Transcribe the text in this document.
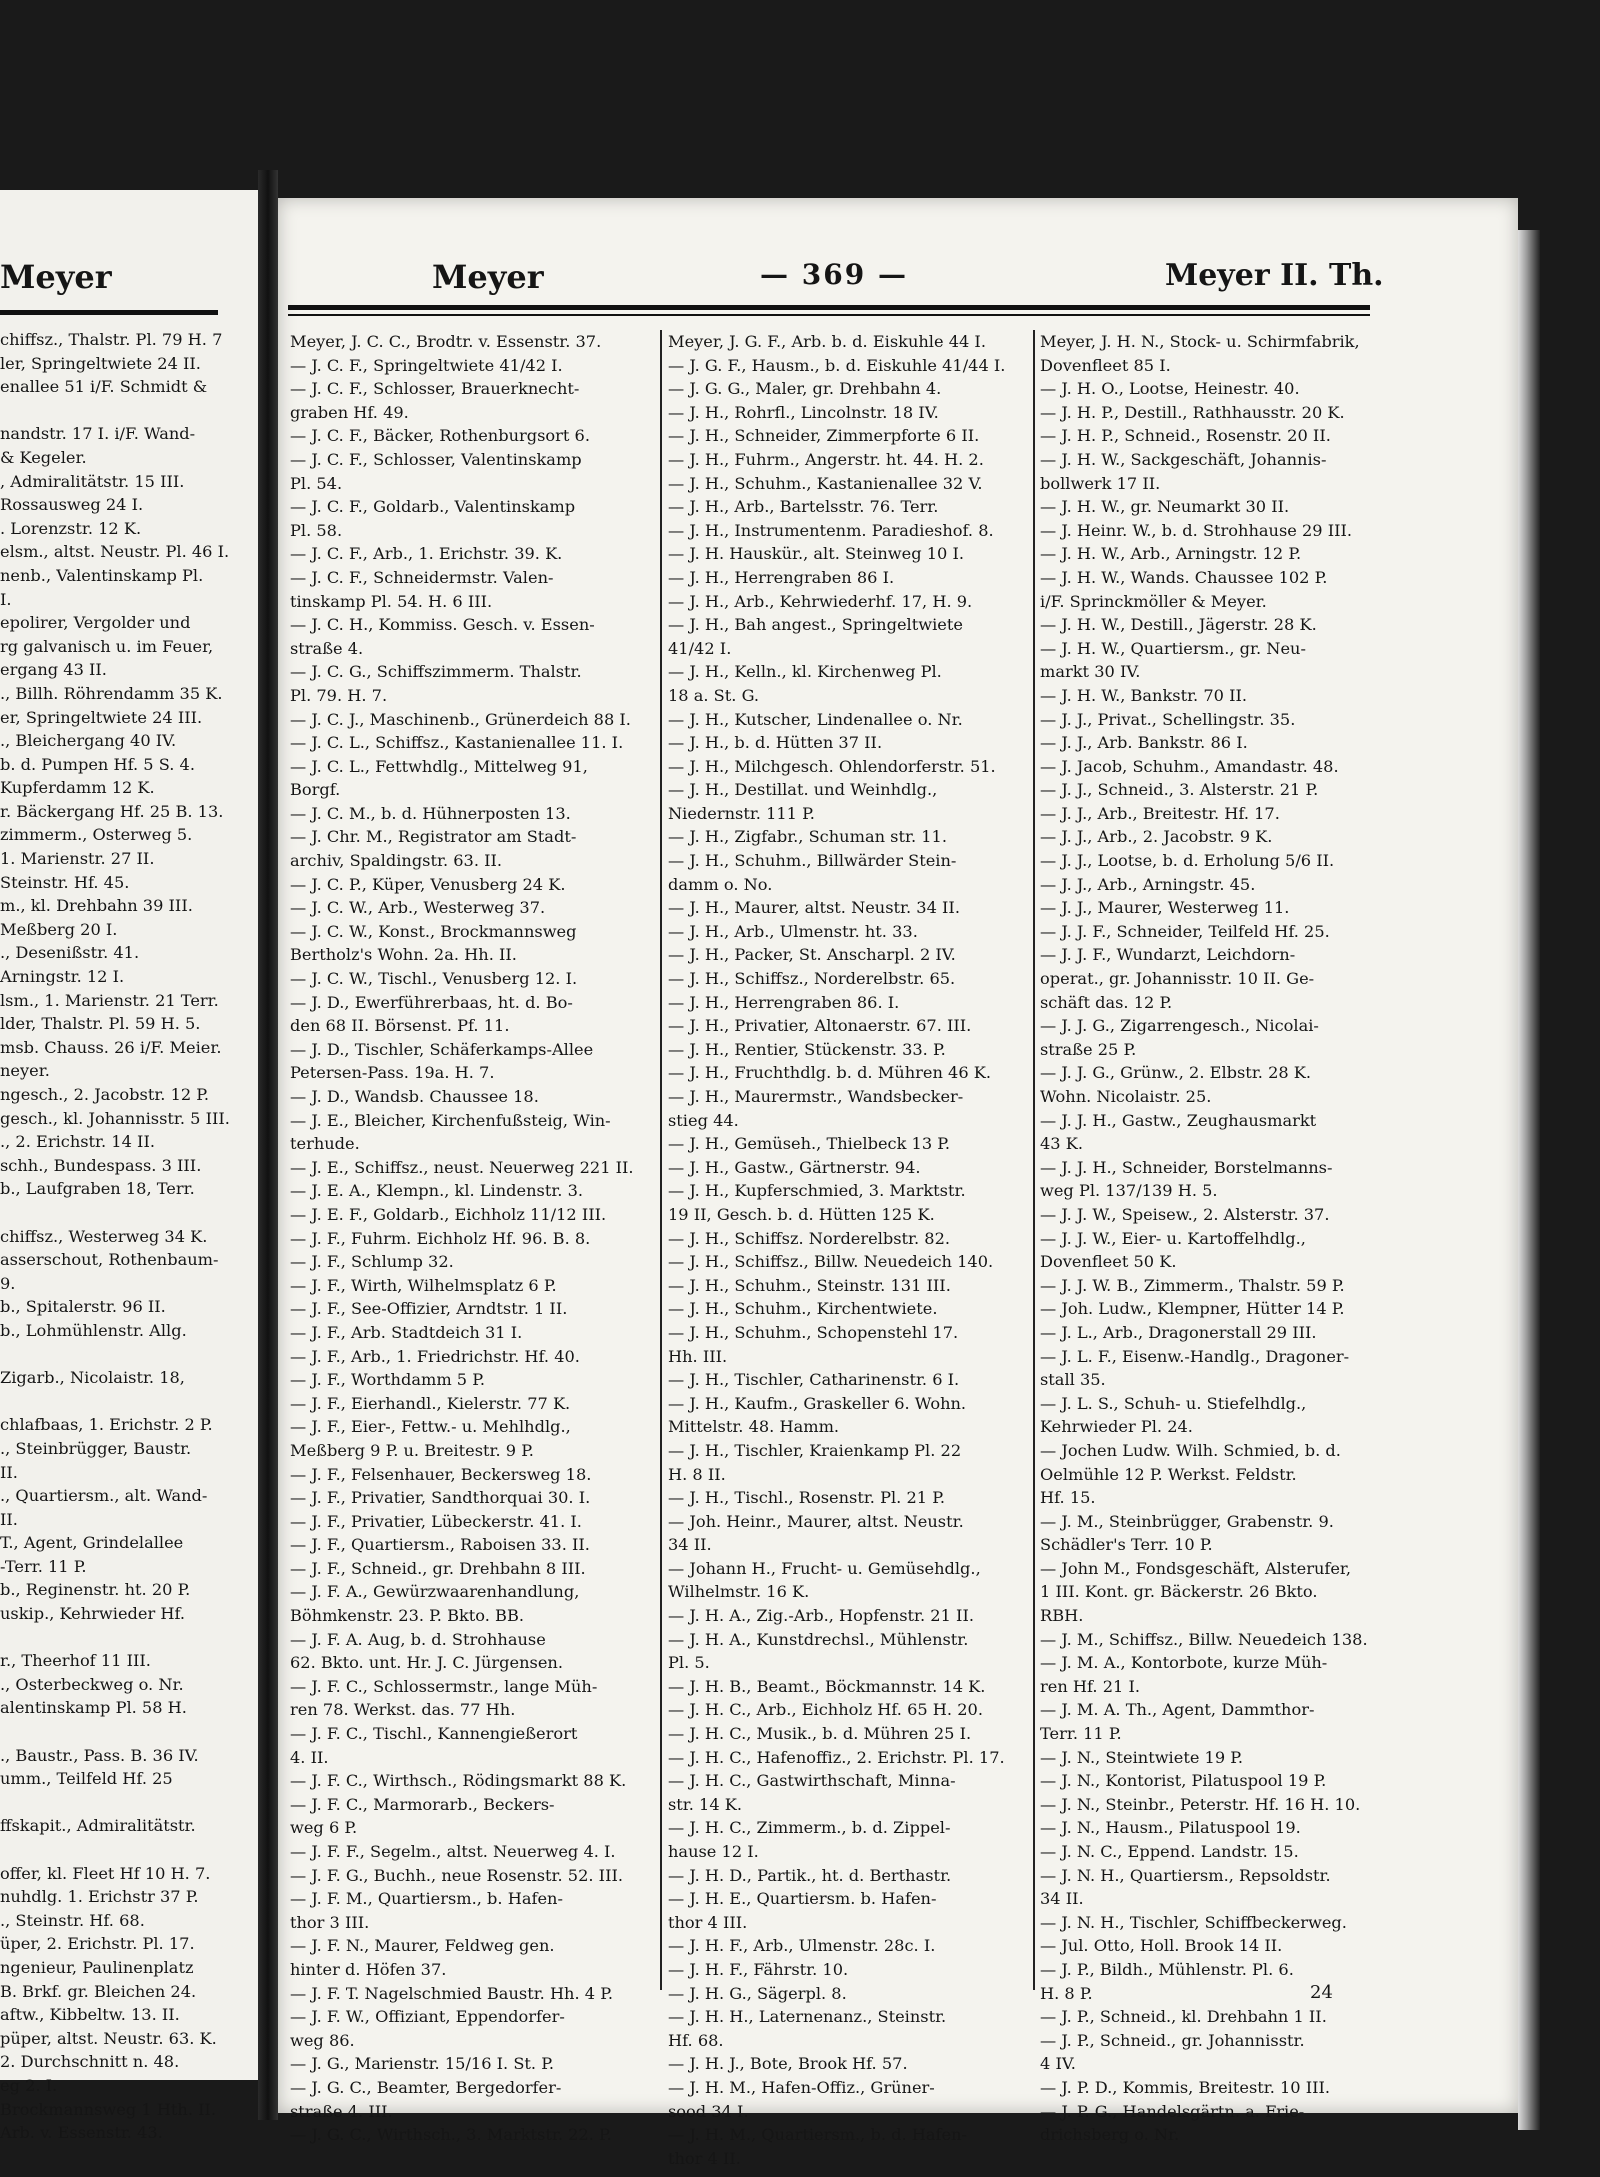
Meyer
chiffsz., Thalstr. Pl. 79 H. 7
ler, Springeltwiete 24 II.
enallee 51 i/F. Schmidt &

nandstr. 17 I. i/F. Wand-
& Kegeler.
, Admiralitätstr. 15 III.
Rossausweg 24 I.
. Lorenzstr. 12 K.
elsm., altst. Neustr. Pl. 46 I.
nenb., Valentinskamp Pl.
I.
epolirer, Vergolder und
rg galvanisch u. im Feuer,
ergang 43 II.
., Billh. Röhrendamm 35 K.
er, Springeltwiete 24 III.
., Bleichergang 40 IV.
b. d. Pumpen Hf. 5 S. 4.
Kupferdamm 12 K.
r. Bäckergang Hf. 25 B. 13.
zimmerm., Osterweg 5.
1. Marienstr. 27 II.
Steinstr. Hf. 45.
m., kl. Drehbahn 39 III.
Meßberg 20 I.
., Desenißstr. 41.
Arningstr. 12 I.
lsm., 1. Marienstr. 21 Terr.
lder, Thalstr. Pl. 59 H. 5.
msb. Chauss. 26 i/F. Meier.
neyer.
ngesch., 2. Jacobstr. 12 P.
gesch., kl. Johannisstr. 5 III.
., 2. Erichstr. 14 II.
schh., Bundespass. 3 III.
b., Laufgraben 18, Terr.

chiffsz., Westerweg 34 K.
asserschout, Rothenbaum-
9.
b., Spitalerstr. 96 II.
b., Lohmühlenstr. Allg.

Zigarb., Nicolaistr. 18,

chlafbaas, 1. Erichstr. 2 P.
., Steinbrügger, Baustr.
II.
., Quartiersm., alt. Wand-
II.
T., Agent, Grindelallee
-Terr. 11 P.
b., Reginenstr. ht. 20 P.
uskip., Kehrwieder Hf.

r., Theerhof 11 III.
., Osterbeckweg o. Nr.
alentinskamp Pl. 58 H.

., Baustr., Pass. B. 36 IV.
umm., Teilfeld Hf. 25

ffskapit., Admiralitätstr.

offer, kl. Fleet Hf 10 H. 7.
nuhdlg. 1. Erichstr 37 P.
., Steinstr. Hf. 68.
üper, 2. Erichstr. Pl. 17.
ngenieur, Paulinenplatz
B. Brkf. gr. Bleichen 24.
aftw., Kibbeltw. 13. II.
püper, altst. Neustr. 63. K.
2. Durchschnitt n. 48.
eg 2. I.
Brockmannsweg 1 Hth. II.
Arb. v. Essenstr. 43.
Meyer	— 369 —	Meyer II. Th.
Meyer, J. C. C., Brodtr. v. Essenstr. 37.
— J. C. F., Springeltwiete 41/42 I.
— J. C. F., Schlosser, Brauerknecht-
graben Hf. 49.
— J. C. F., Bäcker, Rothenburgsort 6.
— J. C. F., Schlosser, Valentinskamp
Pl. 54.
— J. C. F., Goldarb., Valentinskamp
Pl. 58.
— J. C. F., Arb., 1. Erichstr. 39. K.
— J. C. F., Schneidermstr. Valen-
tinskamp Pl. 54. H. 6 III.
— J. C. H., Kommiss. Gesch. v. Essen-
straße 4.
— J. C. G., Schiffszimmerm. Thalstr.
Pl. 79. H. 7.
— J. C. J., Maschinenb., Grünerdeich 88 I.
— J. C. L., Schiffsz., Kastanienallee 11. I.
— J. C. L., Fettwhdlg., Mittelweg 91,
Borgf.
— J. C. M., b. d. Hühnerposten 13.
— J. Chr. M., Registrator am Stadt-
archiv, Spaldingstr. 63. II.
— J. C. P., Küper, Venusberg 24 K.
— J. C. W., Arb., Westerweg 37.
— J. C. W., Konst., Brockmannsweg
Bertholz's Wohn. 2a. Hh. II.
— J. C. W., Tischl., Venusberg 12. I.
— J. D., Ewerführerbaas, ht. d. Bo-
den 68 II. Börsenst. Pf. 11.
— J. D., Tischler, Schäferkamps-Allee
Petersen-Pass. 19a. H. 7.
— J. D., Wandsb. Chaussee 18.
— J. E., Bleicher, Kirchenfußsteig, Win-
terhude.
— J. E., Schiffsz., neust. Neuerweg 221 II.
— J. E. A., Klempn., kl. Lindenstr. 3.
— J. E. F., Goldarb., Eichholz 11/12 III.
— J. F., Fuhrm. Eichholz Hf. 96. B. 8.
— J. F., Schlump 32.
— J. F., Wirth, Wilhelmsplatz 6 P.
— J. F., See-Offizier, Arndtstr. 1 II.
— J. F., Arb. Stadtdeich 31 I.
— J. F., Arb., 1. Friedrichstr. Hf. 40.
— J. F., Worthdamm 5 P.
— J. F., Eierhandl., Kielerstr. 77 K.
— J. F., Eier-, Fettw.- u. Mehlhdlg.,
Meßberg 9 P. u. Breitestr. 9 P.
— J. F., Felsenhauer, Beckersweg 18.
— J. F., Privatier, Sandthorquai 30. I.
— J. F., Privatier, Lübeckerstr. 41. I.
— J. F., Quartiersm., Raboisen 33. II.
— J. F., Schneid., gr. Drehbahn 8 III.
— J. F. A., Gewürzwaarenhandlung,
Böhmkenstr. 23. P. Bkto. BB.
— J. F. A. Aug, b. d. Strohhause
62. Bkto. unt. Hr. J. C. Jürgensen.
— J. F. C., Schlossermstr., lange Müh-
ren 78. Werkst. das. 77 Hh.
— J. F. C., Tischl., Kannengießerort
4. II.
— J. F. C., Wirthsch., Rödingsmarkt 88 K.
— J. F. C., Marmorarb., Beckers-
weg 6 P.
— J. F. F., Segelm., altst. Neuerweg 4. I.
— J. F. G., Buchh., neue Rosenstr. 52. III.
— J. F. M., Quartiersm., b. Hafen-
thor 3 III.
— J. F. N., Maurer, Feldweg gen.
hinter d. Höfen 37.
— J. F. T. Nagelschmied Baustr. Hh. 4 P.
— J. F. W., Offiziant, Eppendorfer-
weg 86.
— J. G., Marienstr. 15/16 I. St. P.
— J. G. C., Beamter, Bergedorfer-
straße 4. III.
— J. G. C., Wirthsch., 3. Marktstr. 22. P.
Meyer, J. G. F., Arb. b. d. Eiskuhle 44 I.
— J. G. F., Hausm., b. d. Eiskuhle 41/44 I.
— J. G. G., Maler, gr. Drehbahn 4.
— J. H., Rohrfl., Lincolnstr. 18 IV.
— J. H., Schneider, Zimmerpforte 6 II.
— J. H., Fuhrm., Angerstr. ht. 44. H. 2.
— J. H., Schuhm., Kastanienallee 32 V.
— J. H., Arb., Bartelsstr. 76. Terr.
— J. H., Instrumentenm. Paradieshof. 8.
— J. H. Hauskür., alt. Steinweg 10 I.
— J. H., Herrengraben 86 I.
— J. H., Arb., Kehrwiederhf. 17, H. 9.
— J. H., Bah angest., Springeltwiete
41/42 I.
— J. H., Kelln., kl. Kirchenweg Pl.
18 a. St. G.
— J. H., Kutscher, Lindenallee o. Nr.
— J. H., b. d. Hütten 37 II.
— J. H., Milchgesch. Ohlendorferstr. 51.
— J. H., Destillat. und Weinhdlg.,
Niedernstr. 111 P.
— J. H., Zigfabr., Schuman str. 11.
— J. H., Schuhm., Billwärder Stein-
damm o. No.
— J. H., Maurer, altst. Neustr. 34 II.
— J. H., Arb., Ulmenstr. ht. 33.
— J. H., Packer, St. Anscharpl. 2 IV.
— J. H., Schiffsz., Norderelbstr. 65.
— J. H., Herrengraben 86. I.
— J. H., Privatier, Altonaerstr. 67. III.
— J. H., Rentier, Stückenstr. 33. P.
— J. H., Fruchthdlg. b. d. Mühren 46 K.
— J. H., Maurermstr., Wandsbecker-
stieg 44.
— J. H., Gemüseh., Thielbeck 13 P.
— J. H., Gastw., Gärtnerstr. 94.
— J. H., Kupferschmied, 3. Marktstr.
19 II, Gesch. b. d. Hütten 125 K.
— J. H., Schiffsz. Norderelbstr. 82.
— J. H., Schiffsz., Billw. Neuedeich 140.
— J. H., Schuhm., Steinstr. 131 III.
— J. H., Schuhm., Kirchentwiete.
— J. H., Schuhm., Schopenstehl 17.
Hh. III.
— J. H., Tischler, Catharinenstr. 6 I.
— J. H., Kaufm., Graskeller 6. Wohn.
Mittelstr. 48. Hamm.
— J. H., Tischler, Kraienkamp Pl. 22
H. 8 II.
— J. H., Tischl., Rosenstr. Pl. 21 P.
— Joh. Heinr., Maurer, altst. Neustr.
34 II.
— Johann H., Frucht- u. Gemüsehdlg.,
Wilhelmstr. 16 K.
— J. H. A., Zig.-Arb., Hopfenstr. 21 II.
— J. H. A., Kunstdrechsl., Mühlenstr.
Pl. 5.
— J. H. B., Beamt., Böckmannstr. 14 K.
— J. H. C., Arb., Eichholz Hf. 65 H. 20.
— J. H. C., Musik., b. d. Mühren 25 I.
— J. H. C., Hafenoffiz., 2. Erichstr. Pl. 17.
— J. H. C., Gastwirthschaft, Minna-
str. 14 K.
— J. H. C., Zimmerm., b. d. Zippel-
hause 12 I.
— J. H. D., Partik., ht. d. Berthastr.
— J. H. E., Quartiersm. b. Hafen-
thor 4 III.
— J. H. F., Arb., Ulmenstr. 28c. I.
— J. H. F., Fährstr. 10.
— J. H. G., Sägerpl. 8.
— J. H. H., Laternenanz., Steinstr.
Hf. 68.
— J. H. J., Bote, Brook Hf. 57.
— J. H. M., Hafen-Offiz., Grüner-
sood 34 I.
— J. H. M., Quartiersm., b. d. Hafen-
thor 4 II.
Meyer, J. H. N., Stock- u. Schirmfabrik,
Dovenfleet 85 I.
— J. H. O., Lootse, Heinestr. 40.
— J. H. P., Destill., Rathhausstr. 20 K.
— J. H. P., Schneid., Rosenstr. 20 II.
— J. H. W., Sackgeschäft, Johannis-
bollwerk 17 II.
— J. H. W., gr. Neumarkt 30 II.
— J. Heinr. W., b. d. Strohhause 29 III.
— J. H. W., Arb., Arningstr. 12 P.
— J. H. W., Wands. Chaussee 102 P.
i/F. Sprinckmöller & Meyer.
— J. H. W., Destill., Jägerstr. 28 K.
— J. H. W., Quartiersm., gr. Neu-
markt 30 IV.
— J. H. W., Bankstr. 70 II.
— J. J., Privat., Schellingstr. 35.
— J. J., Arb. Bankstr. 86 I.
— J. Jacob, Schuhm., Amandastr. 48.
— J. J., Schneid., 3. Alsterstr. 21 P.
— J. J., Arb., Breitestr. Hf. 17.
— J. J., Arb., 2. Jacobstr. 9 K.
— J. J., Lootse, b. d. Erholung 5/6 II.
— J. J., Arb., Arningstr. 45.
— J. J., Maurer, Westerweg 11.
— J. J. F., Schneider, Teilfeld Hf. 25.
— J. J. F., Wundarzt, Leichdorn-
operat., gr. Johannisstr. 10 II. Ge-
schäft das. 12 P.
— J. J. G., Zigarrengesch., Nicolai-
straße 25 P.
— J. J. G., Grünw., 2. Elbstr. 28 K.
Wohn. Nicolaistr. 25.
— J. J. H., Gastw., Zeughausmarkt
43 K.
— J. J. H., Schneider, Borstelmanns-
weg Pl. 137/139 H. 5.
— J. J. W., Speisew., 2. Alsterstr. 37.
— J. J. W., Eier- u. Kartoffelhdlg.,
Dovenfleet 50 K.
— J. J. W. B., Zimmerm., Thalstr. 59 P.
— Joh. Ludw., Klempner, Hütter 14 P.
— J. L., Arb., Dragonerstall 29 III.
— J. L. F., Eisenw.-Handlg., Dragoner-
stall 35.
— J. L. S., Schuh- u. Stiefelhdlg.,
Kehrwieder Pl. 24.
— Jochen Ludw. Wilh. Schmied, b. d.
Oelmühle 12 P. Werkst. Feldstr.
Hf. 15.
— J. M., Steinbrügger, Grabenstr. 9.
Schädler's Terr. 10 P.
— John M., Fondsgeschäft, Alsterufer,
1 III. Kont. gr. Bäckerstr. 26 Bkto.
RBH.
— J. M., Schiffsz., Billw. Neuedeich 138.
— J. M. A., Kontorbote, kurze Müh-
ren Hf. 21 I.
— J. M. A. Th., Agent, Dammthor-
Terr. 11 P.
— J. N., Steintwiete 19 P.
— J. N., Kontorist, Pilatuspool 19 P.
— J. N., Steinbr., Peterstr. Hf. 16 H. 10.
— J. N., Hausm., Pilatuspool 19.
— J. N. C., Eppend. Landstr. 15.
— J. N. H., Quartiersm., Repsoldstr.
34 II.
— J. N. H., Tischler, Schiffbeckerweg.
— Jul. Otto, Holl. Brook 14 II.
— J. P., Bildh., Mühlenstr. Pl. 6.
H. 8 P.
— J. P., Schneid., kl. Drehbahn 1 II.
— J. P., Schneid., gr. Johannisstr.
4 IV.
— J. P. D., Kommis, Breitestr. 10 III.
— J. P. G., Handelsgärtn. a. Frie-
drichsberg o. Nr.
24
